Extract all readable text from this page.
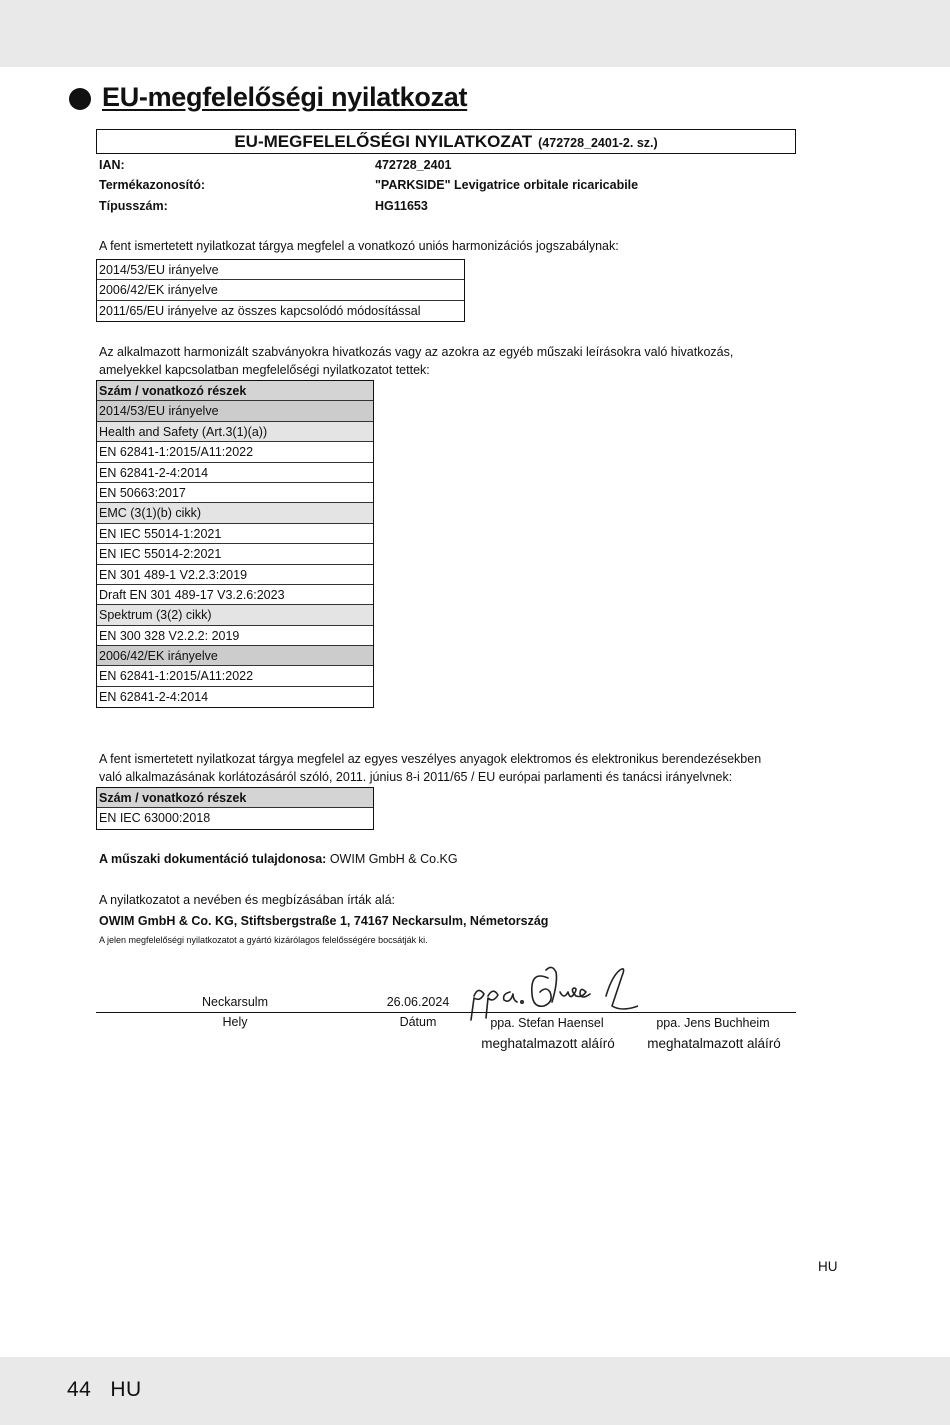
EU-megfelelőségi nyilatkozat
EU-MEGFELELŐSÉGI NYILATKOZAT (472728_2401-2. sz.)
IAN:	472728_2401
Termékazonosító:	"PARKSIDE" Levigatrice orbitale ricaricabile
Típusszám:	HG11653
A fent ismertetett nyilatkozat tárgya megfelel a vonatkozó uniós harmonizációs jogszabálynak:
2014/53/EU irányelve
2006/42/EK irányelve
2011/65/EU irányelve az összes kapcsolódó módosítással
Az alkalmazott harmonizált szabványokra hivatkozás vagy az azokra az egyéb műszaki leírásokra való hivatkozás,
amelyekkel kapcsolatban megfelelőségi nyilatkozatot tettek:
Szám / vonatkozó részek
2014/53/EU irányelve
Health and Safety (Art.3(1)(a))
EN 62841-1:2015/A11:2022
EN 62841-2-4:2014
EN 50663:2017
EMC (3(1)(b) cikk)
EN IEC 55014-1:2021
EN IEC 55014-2:2021
EN 301 489-1 V2.2.3:2019
Draft EN 301 489-17 V3.2.6:2023
Spektrum (3(2) cikk)
EN 300 328 V2.2.2: 2019
2006/42/EK irányelve
EN 62841-1:2015/A11:2022
EN 62841-2-4:2014
A fent ismertetett nyilatkozat tárgya megfelel az egyes veszélyes anyagok elektromos és elektronikus berendezésekben
való alkalmazásának korlátozásáról szóló, 2011. június 8-i 2011/65 / EU európai parlamenti és tanácsi irányelvnek:
Szám / vonatkozó részek
EN IEC 63000:2018
A műszaki dokumentáció tulajdonosa: OWIM GmbH & Co.KG
A nyilatkozatot a nevében és megbízásában írták alá:
OWIM GmbH & Co. KG, Stiftsbergstraße 1, 74167 Neckarsulm, Németország
A jelen megfelelőségi nyilatkozatot a gyártó kizárólagos felelősségére bocsátják ki.
Neckarsulm	26.06.2024
Hely	Dátum	ppa. Stefan Haensel	ppa. Jens Buchheim
meghatalmazott aláíró	meghatalmazott aláíró
HU
44 HU
